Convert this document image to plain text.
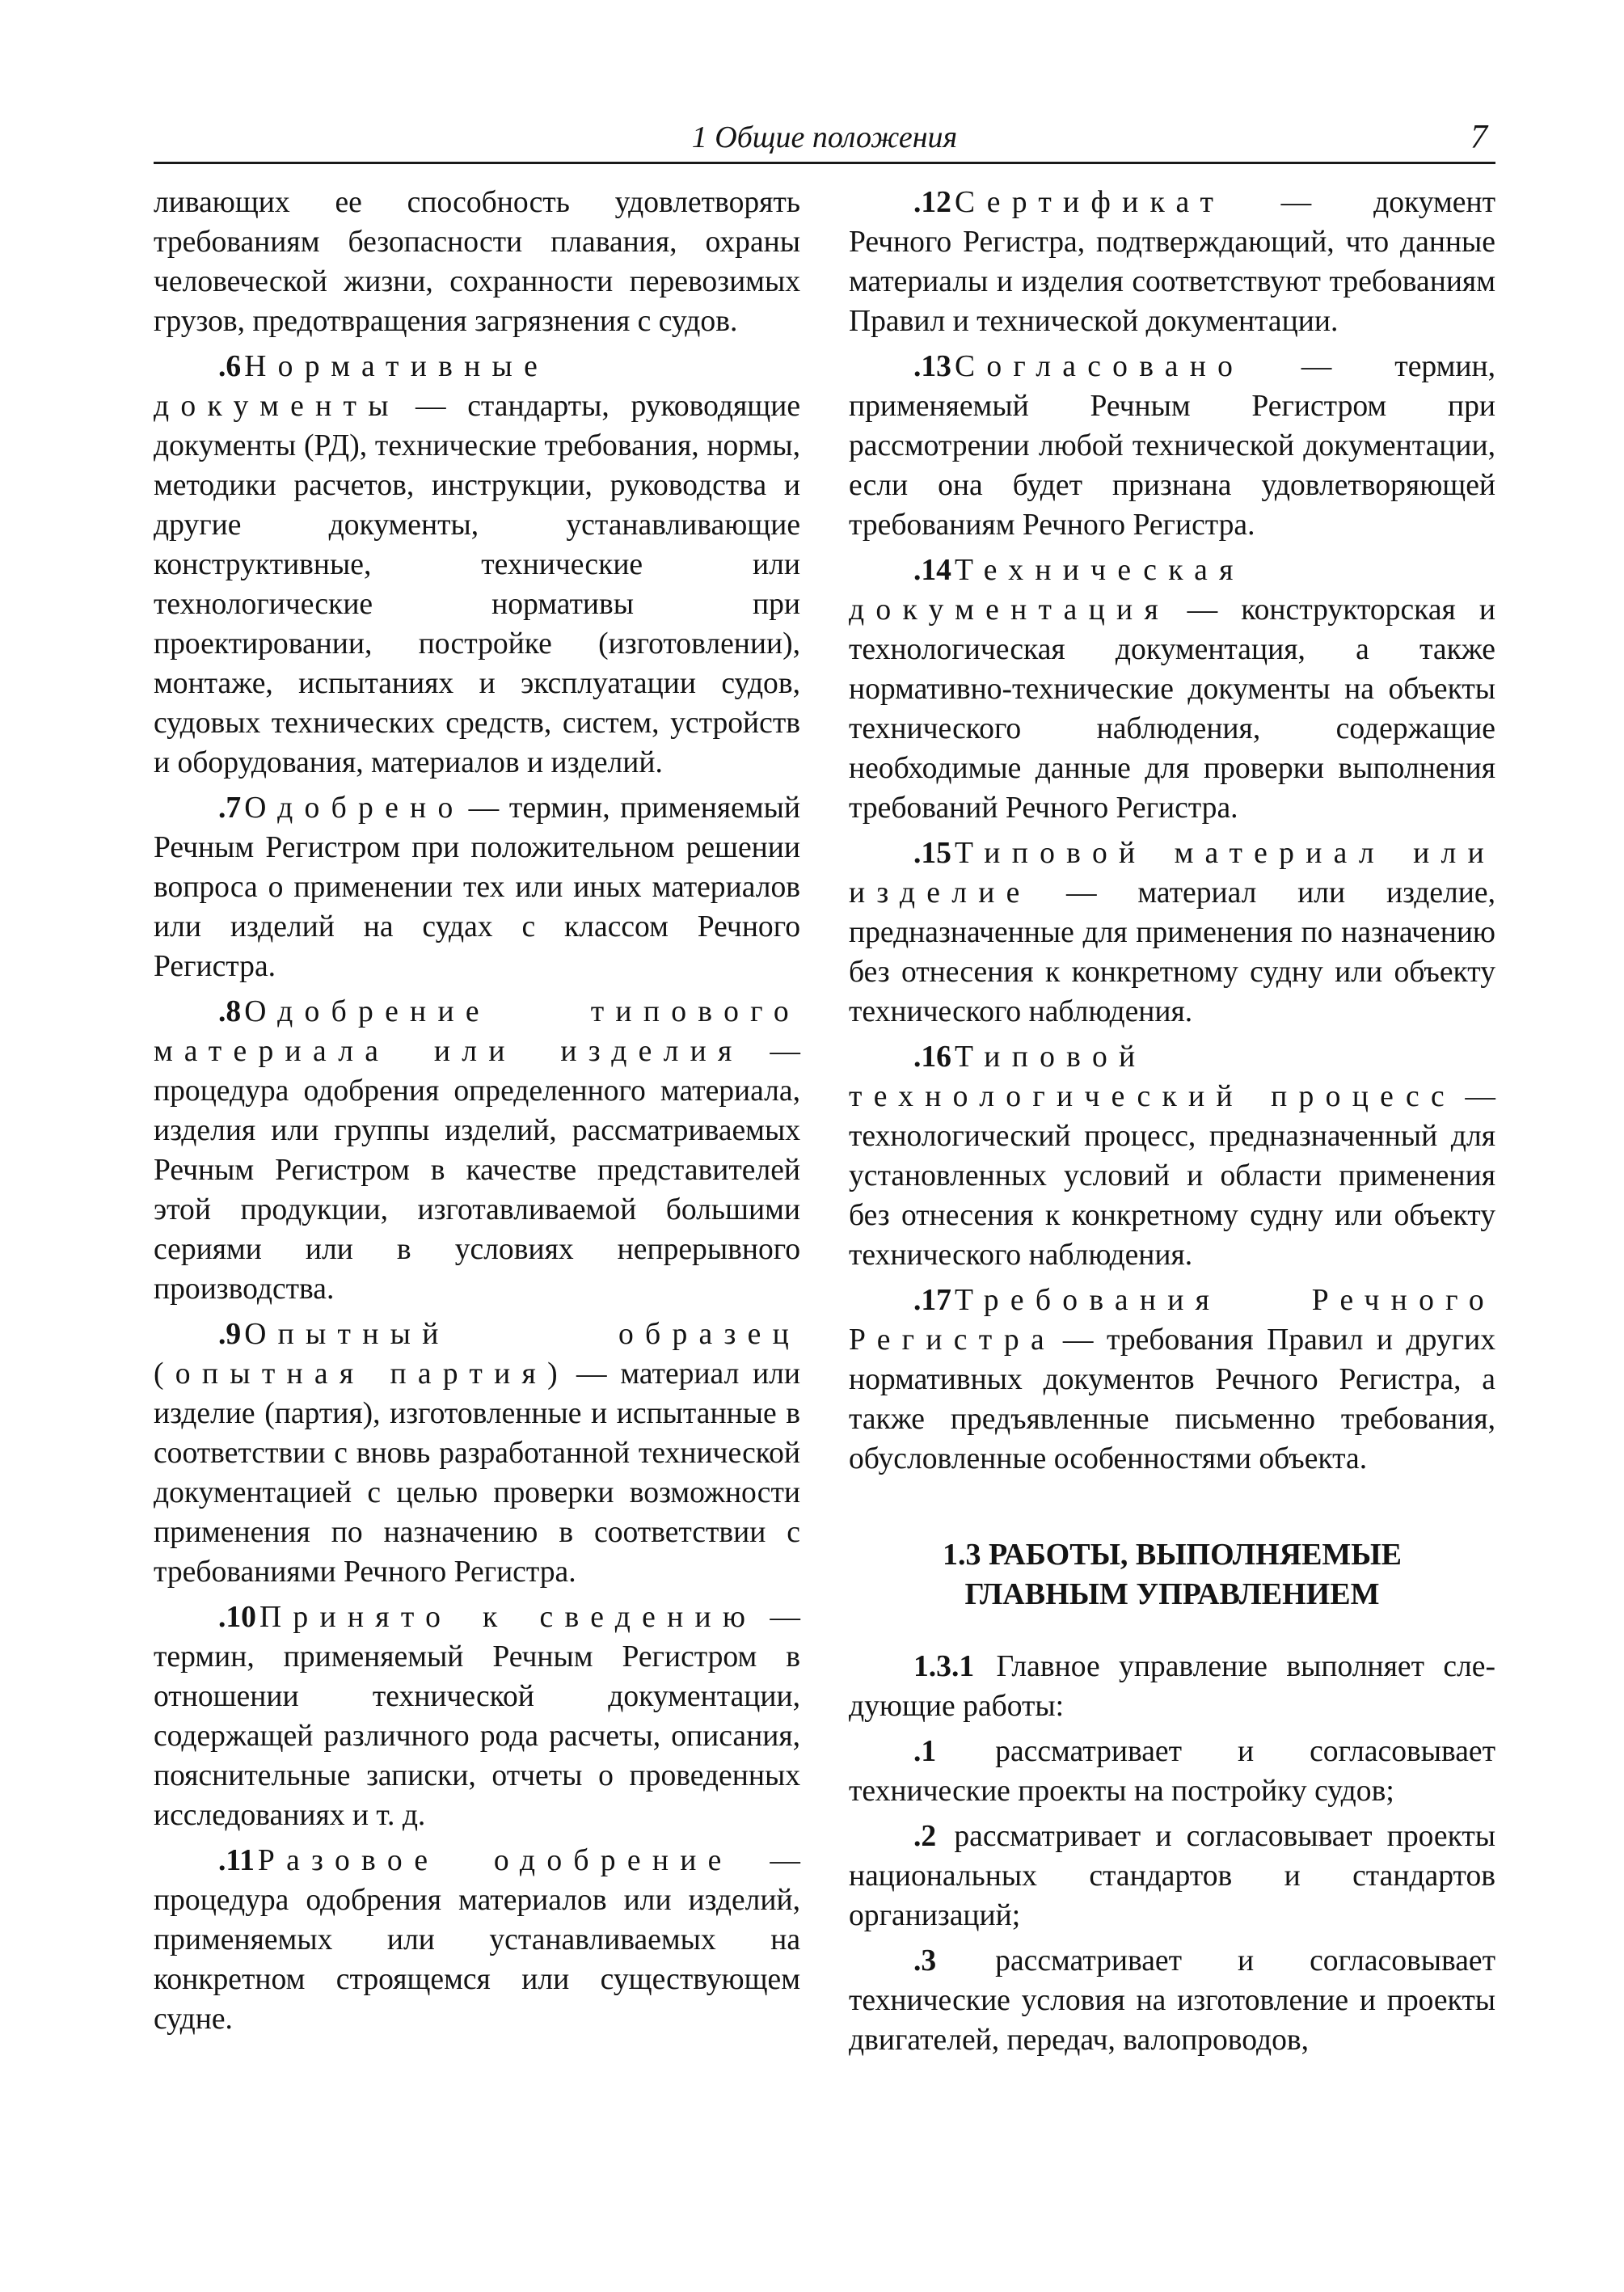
1 Общие положения	7

ливающих ее способность удовлетворять требованиям безопасности плавания, охраны человеческой жизни, сохранности перевозимых грузов, предотвращения загрязнения с судов.

.6 Нормативные документы — стандарты, руководящие документы (РД), технические требования, нормы, методики расчетов, инструкции, руководства и другие документы, устанавливающие конструктивные, технические или технологические нормативы при проектировании, постройке (изготовлении), монтаже, испытаниях и эксплуатации судов, судовых технических средств, систем, устройств и оборудования, материалов и изделий.

.7 Одобрено — термин, применяемый Речным Регистром при положительном решении вопроса о применении тех или иных материалов или изделий на судах с классом Речного Регистра.

.8 Одобрение типового материала или изделия — процедура одобрения определенного материала, изделия или группы изделий, рассматриваемых Речным Регистром в качестве представителей этой продукции, изготавливаемой большими сериями или в условиях непрерывного производства.

.9 Опытный образец (опытная партия) — материал или изделие (партия), изготовленные и испытанные в соответствии с вновь разработанной технической документацией с целью проверки возможности применения по назначению в соответствии с требованиями Речного Регистра.

.10 Принято к сведению — термин, применяемый Речным Регистром в отношении технической документации, содержащей различного рода расчеты, описания, пояснительные записки, отчеты о проведенных исследованиях и т. д.

.11 Разовое одобрение — процедура одобрения материалов или изделий, применяемых или устанавливаемых на конкретном строящемся или существующем судне.

.12 Сертификат — документ Речного Регистра, подтверждающий, что данные материалы и изделия соответствуют требованиям Правил и технической документации.

.13 Согласовано — термин, применяемый Речным Регистром при рассмотрении любой технической документации, если она будет признана удовлетворяющей требованиям Речного Регистра.

.14 Техническая документация — конструкторская и технологическая документация, а также нормативно-технические документы на объекты технического наблюдения, содержащие необходимые данные для проверки выполнения требований Речного Регистра.

.15 Типовой материал или изделие — материал или изделие, предназначенные для применения по назначению без отнесения к конкретному судну или объекту технического наблюдения.

.16 Типовой технологический процесс — технологический процесс, предназначенный для установленных условий и области применения без отнесения к конкретному судну или объекту технического наблюдения.

.17 Требования Речного Регистра — требования Правил и других нормативных документов Речного Регистра, а также предъявленные письменно требования, обусловленные особенностями объекта.

1.3 РАБОТЫ, ВЫПОЛНЯЕМЫЕ
ГЛАВНЫМ УПРАВЛЕНИЕМ

1.3.1 Главное управление выполняет сле-дующие работы:

.1 рассматривает и согласовывает технические проекты на постройку судов;

.2 рассматривает и согласовывает проекты национальных стандартов и стандартов организаций;

.3 рассматривает и согласовывает технические условия на изготовление и проекты двигателей, передач, валопроводов,
